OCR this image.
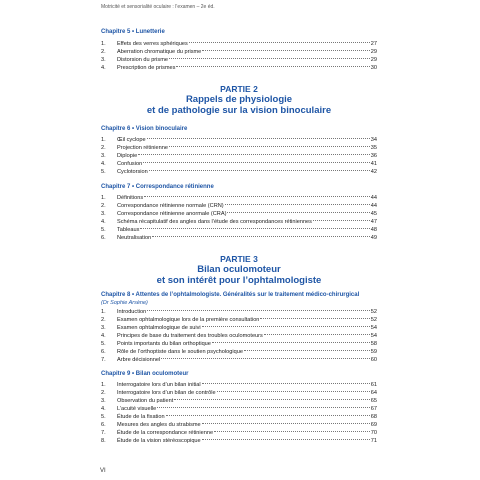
Motricité et sensorialité oculaire : l’examen – 2e éd.
Chapitre 5 • Lunetterie
1.	Effets des verres sphériques	27
2.	Aberration chromatique du prisme	29
3.	Distorsion du prisme	29
4.	Prescription de prismes	30
PARTIE 2
Rappels de physiologie
et de pathologie sur la vision binoculaire
Chapitre 6 • Vision binoculaire
1.	Œil cyclope	34
2.	Projection rétinienne	35
3.	Diplopie	36
4.	Confusion	41
5.	Cyclotorsion	42
Chapitre 7 • Correspondance rétinienne
1.	Définitions	44
2.	Correspondance rétinienne normale (CRN)	44
3.	Correspondance rétinienne anormale (CRA)	45
4.	Schéma récapitulatif des angles dans l’étude des correspondances rétiniennes	47
5.	Tableaux	48
6.	Neutralisation	49
PARTIE 3
Bilan oculomoteur
et son intérêt pour l’ophtalmologiste
Chapitre 8 • Attentes de l’ophtalmologiste. Généralités sur le traitement médico-chirurgical
(Dr Sophie Arsène)
1.	Introduction	52
2.	Examen ophtalmologique lors de la première consultation	52
3.	Examen ophtalmologique de suivi	54
4.	Principes de base du traitement des troubles oculomoteurs	54
5.	Points importants du bilan orthoptique	58
6.	Rôle de l’orthoptiste dans le soutien psychologique	59
7.	Arbre décisionnel	60
Chapitre 9 • Bilan oculomoteur
1.	Interrogatoire lors d’un bilan initial	61
2.	Interrogatoire lors d’un bilan de contrôle	64
3.	Observation du patient	65
4.	L’acuité visuelle	67
5.	Étude de la fixation	68
6.	Mesures des angles du strabisme	69
7.	Étude de la correspondance rétinienne	70
8.	Étude de la vision stéréoscopique	71
VI
